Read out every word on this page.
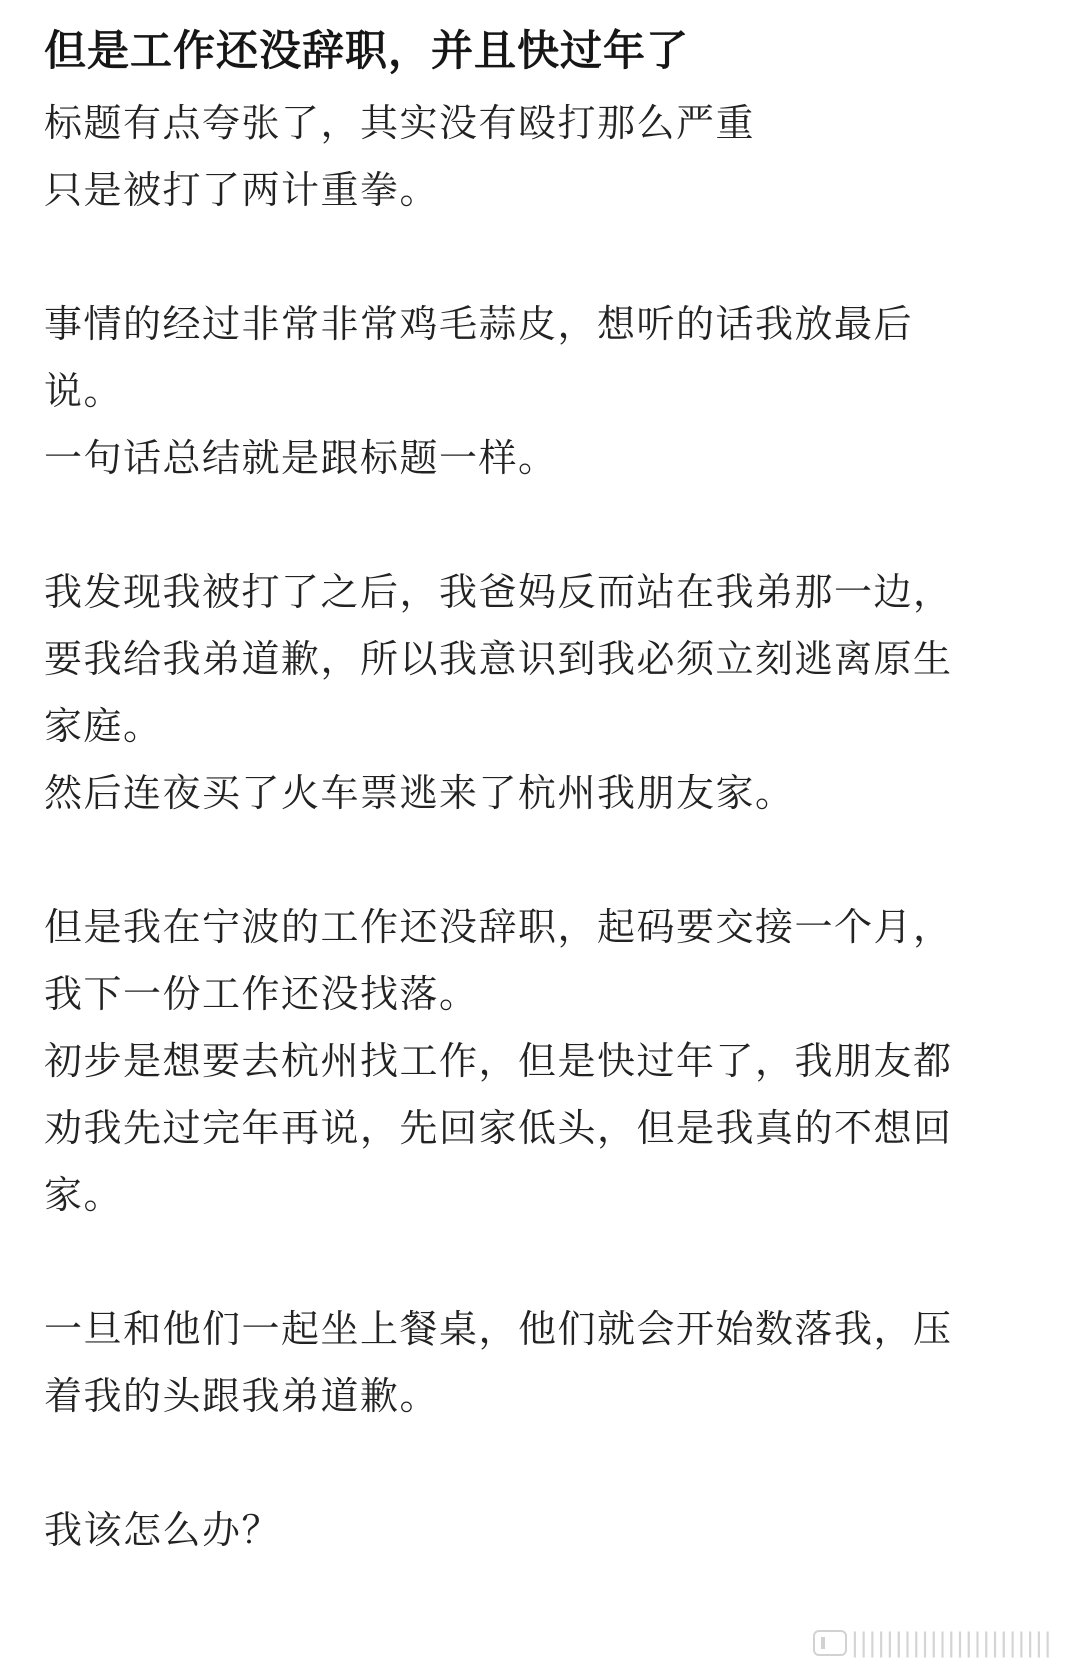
但是工作还没辞职，并且快过年了
标题有点夸张了，其实没有殴打那么严重
只是被打了两计重拳。
事情的经过非常非常鸡毛蒜皮，想听的话我放最后
说。
一句话总结就是跟标题一样。
我发现我被打了之后，我爸妈反而站在我弟那一边，
要我给我弟道歉，所以我意识到我必须立刻逃离原生
家庭。
然后连夜买了火车票逃来了杭州我朋友家。
但是我在宁波的工作还没辞职，起码要交接一个月，
我下一份工作还没找落。
初步是想要去杭州找工作，但是快过年了，我朋友都
劝我先过完年再说，先回家低头，但是我真的不想回
家。
一旦和他们一起坐上餐桌，他们就会开始数落我，压
着我的头跟我弟道歉。
我该怎么办？
|||||||||||||||||||||||
